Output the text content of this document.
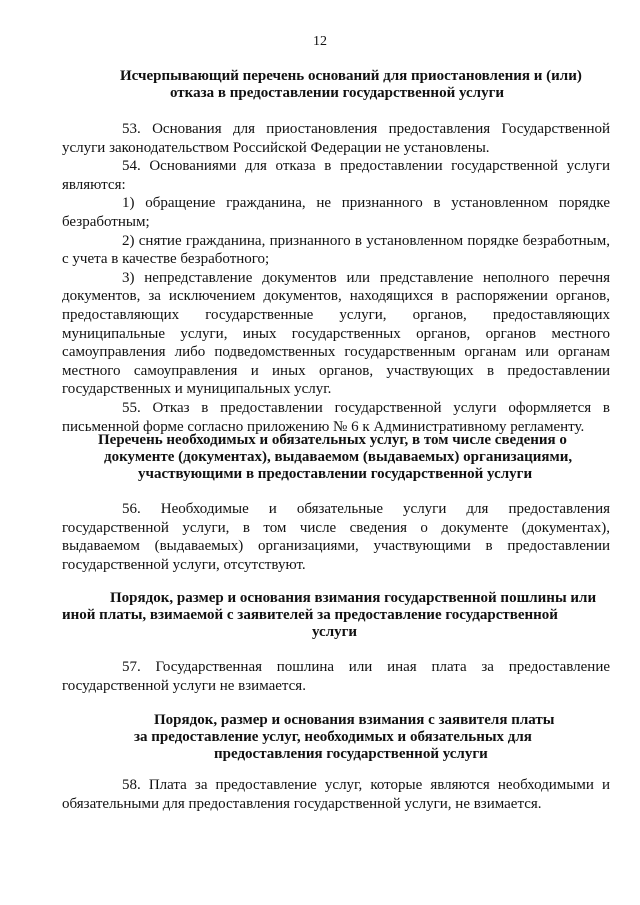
12
Исчерпывающий перечень оснований для приостановления и (или)
отказа в предоставлении государственной услуги

53. Основания для приостановления предоставления Государственной услуги законодательством Российской Федерации не установлены.

54. Основаниями для отказа в предоставлении государственной услуги являются:

1) обращение гражданина, не признанного в установленном порядке безработным;

2) снятие гражданина, признанного в установленном порядке безработным, с учета в качестве безработного;

3) непредставление документов или представление неполного перечня документов, за исключением документов, находящихся в распоряжении органов, предоставляющих государственные услуги, органов, предоставляющих муниципальные услуги, иных государственных органов, органов местного самоуправления либо подведомственных государственным органам или органам местного самоуправления и иных органов, участвующих в предоставлении государственных и муниципальных услуг.

55. Отказ в предоставлении государственной услуги оформляется в письменной форме согласно приложению № 6 к Административному регламенту.

Перечень необходимых и обязательных услуг, в том числе сведения о
документе (документах), выдаваемом (выдаваемых) организациями,
участвующими в предоставлении государственной услуги

56. Необходимые и обязательные услуги для предоставления государственной услуги, в том числе сведения о документе (документах), выдаваемом (выдаваемых) организациями, участвующими в предоставлении государственной услуги, отсутствуют.

Порядок, размер и основания взимания государственной пошлины или
иной платы, взимаемой с заявителей за предоставление государственной
услуги

57. Государственная пошлина или иная плата за предоставление государственной услуги не взимается.

Порядок, размер и основания взимания с заявителя платы
за предоставление услуг, необходимых и обязательных для
предоставления государственной услуги

58. Плата за предоставление услуг, которые являются необходимыми и обязательными для предоставления государственной услуги, не взимается.
